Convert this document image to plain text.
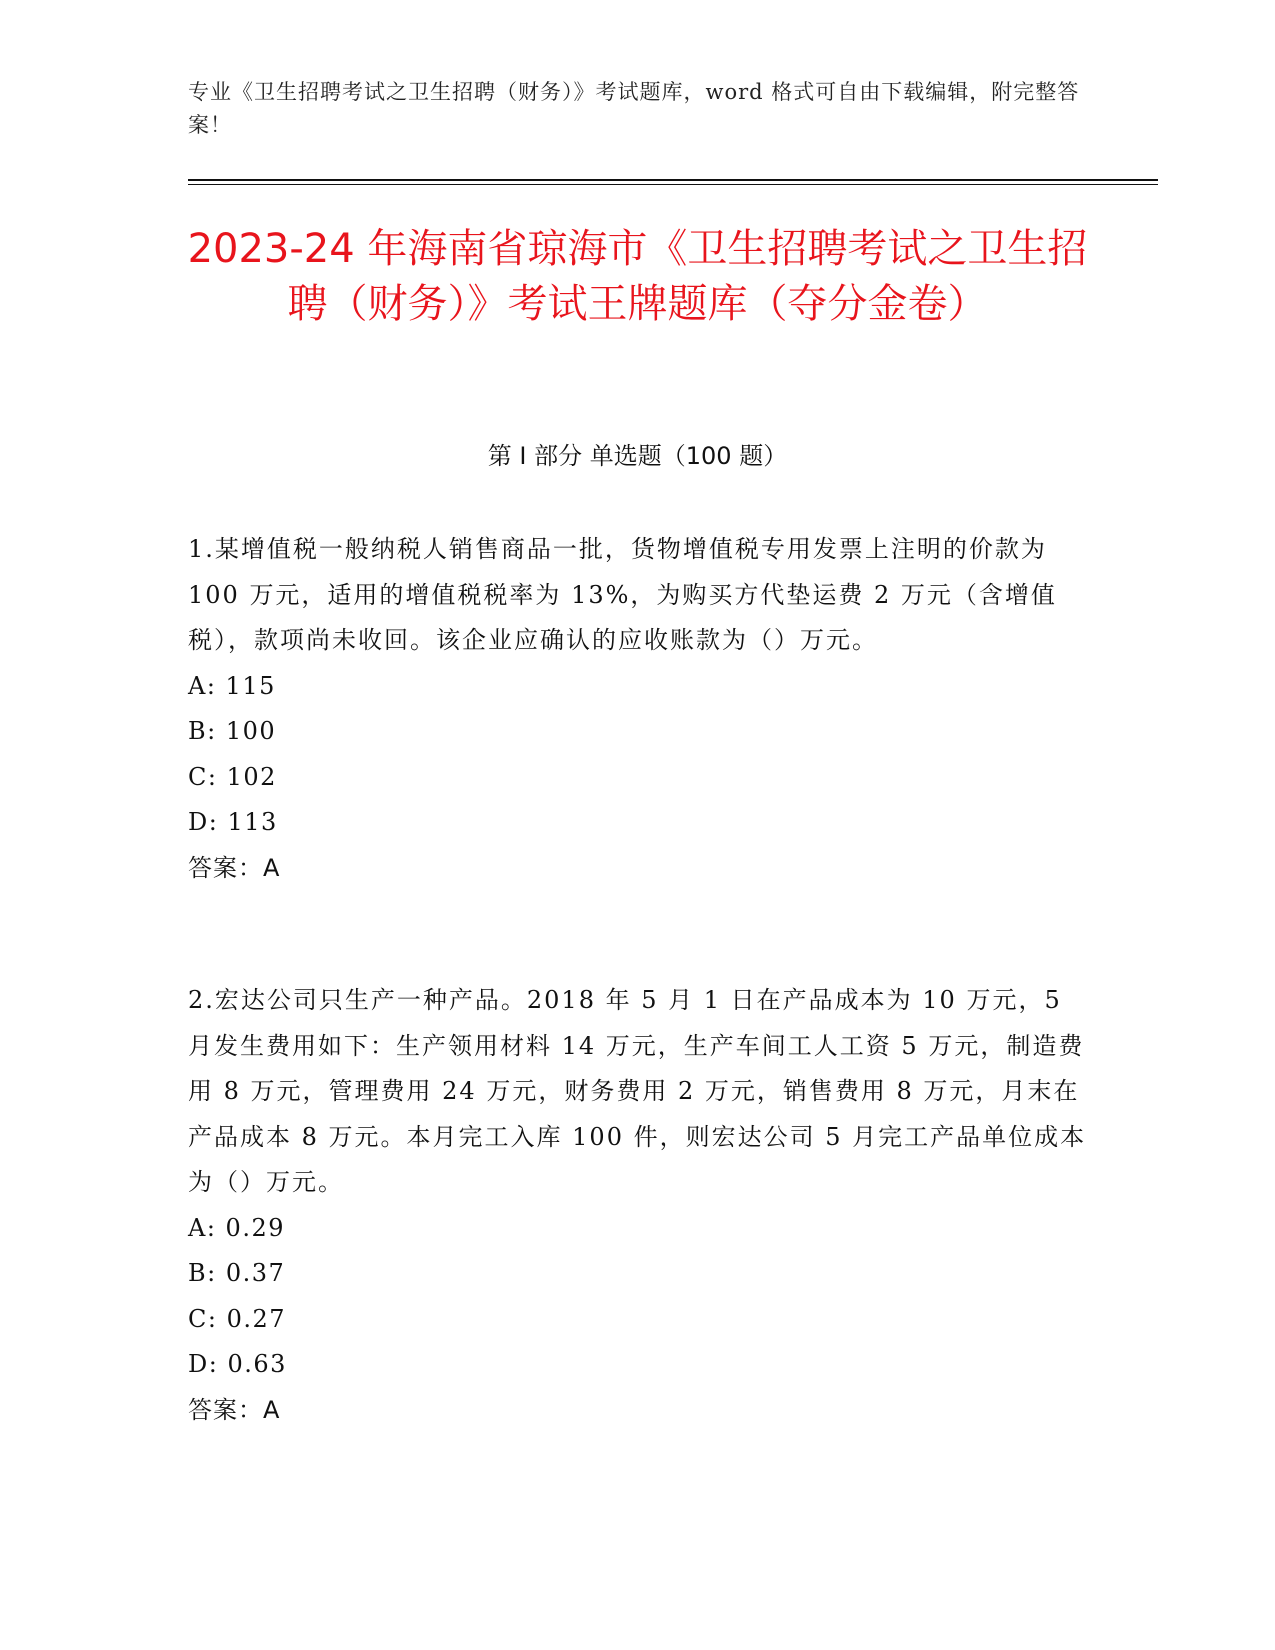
专业《卫生招聘考试之卫生招聘（财务）》考试题库，word 格式可自由下载编辑，附完整答案！
2023-24 年海南省琼海市《卫生招聘考试之卫生招聘（财务）》考试王牌题库（夺分金卷）
第 I 部分 单选题（100 题）

1.某增值税一般纳税人销售商品一批，货物增值税专用发票上注明的价款为 100 万元，适用的增值税税率为 13%，为购买方代垫运费 2 万元（含增值税），款项尚未收回。该企业应确认的应收账款为（）万元。

A: 115

B: 100

C: 102

D: 113

答案：A

2.宏达公司只生产一种产品。2018 年 5 月 1 日在产品成本为 10 万元，5 月发生费用如下：生产领用材料 14 万元，生产车间工人工资 5 万元，制造费用 8 万元，管理费用 24 万元，财务费用 2 万元，销售费用 8 万元，月末在产品成本 8 万元。本月完工入库 100 件，则宏达公司 5 月完工产品单位成本为（）万元。

A: 0.29

B: 0.37

C: 0.27

D: 0.63

答案：A
